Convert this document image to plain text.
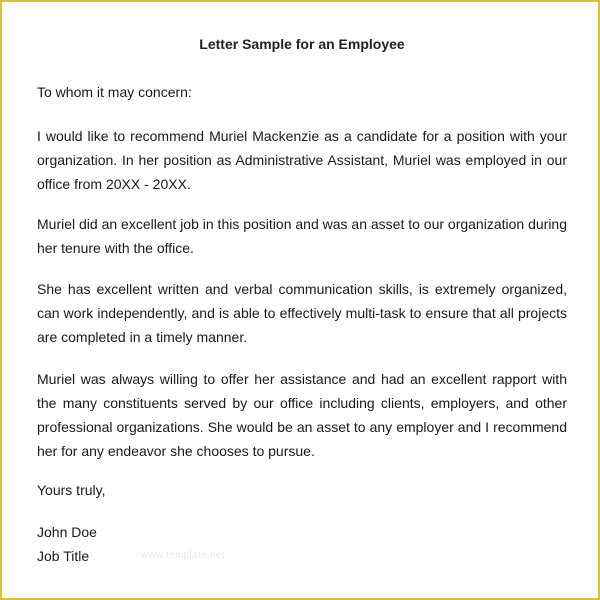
Letter Sample for an Employee
To whom it may concern:
I would like to recommend Muriel Mackenzie as a candidate for a position with your organization. In her position as Administrative Assistant, Muriel was employed in our office from 20XX - 20XX.
Muriel did an excellent job in this position and was an asset to our organization during her tenure with the office.
She has excellent written and verbal communication skills, is extremely organized, can work independently, and is able to effectively multi-task to ensure that all projects are completed in a timely manner.
Muriel was always willing to offer her assistance and had an excellent rapport with the many constituents served by our office including clients, employers, and other professional organizations. She would be an asset to any employer and I recommend her for any endeavor she chooses to pursue.
Yours truly,
John Doe
Job Title	www.template.net
